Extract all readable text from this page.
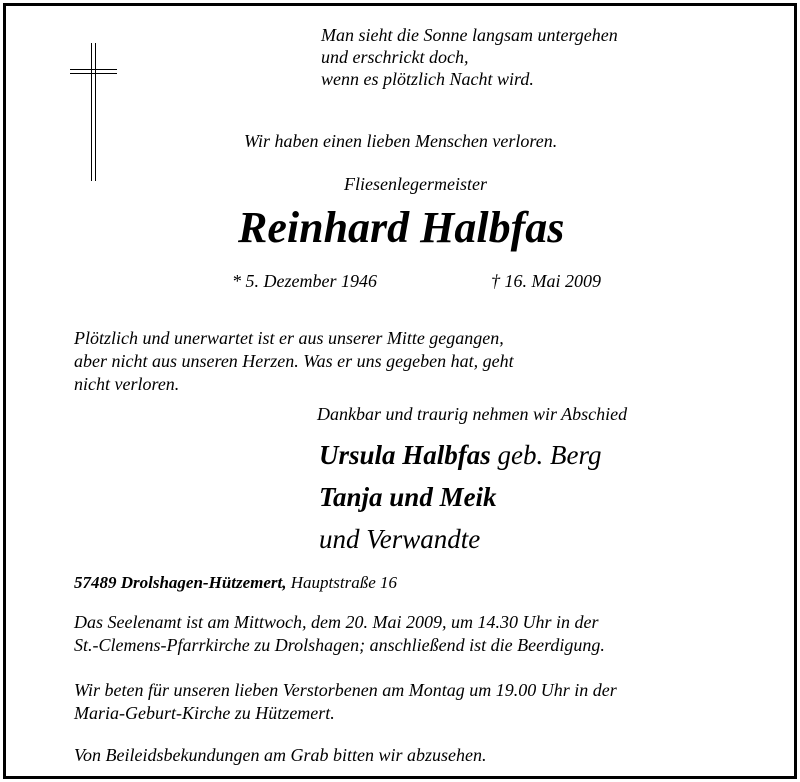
Man sieht die Sonne langsam untergehen
und erschrickt doch,
wenn es plötzlich Nacht wird.
Wir haben einen lieben Menschen verloren.
Fliesenlegermeister
Reinhard Halbfas
* 5. Dezember 1946	† 16. Mai 2009
Plötzlich und unerwartet ist er aus unserer Mitte gegangen,
aber nicht aus unseren Herzen. Was er uns gegeben hat, geht
nicht verloren.
Dankbar und traurig nehmen wir Abschied
Ursula Halbfas geb. Berg
Tanja und Meik
und Verwandte
57489 Drolshagen-Hützemert, Hauptstraße 16
Das Seelenamt ist am Mittwoch, dem 20. Mai 2009, um 14.30 Uhr in der
St.-Clemens-Pfarrkirche zu Drolshagen; anschließend ist die Beerdigung.
Wir beten für unseren lieben Verstorbenen am Montag um 19.00 Uhr in der
Maria-Geburt-Kirche zu Hützemert.
Von Beileidsbekundungen am Grab bitten wir abzusehen.
